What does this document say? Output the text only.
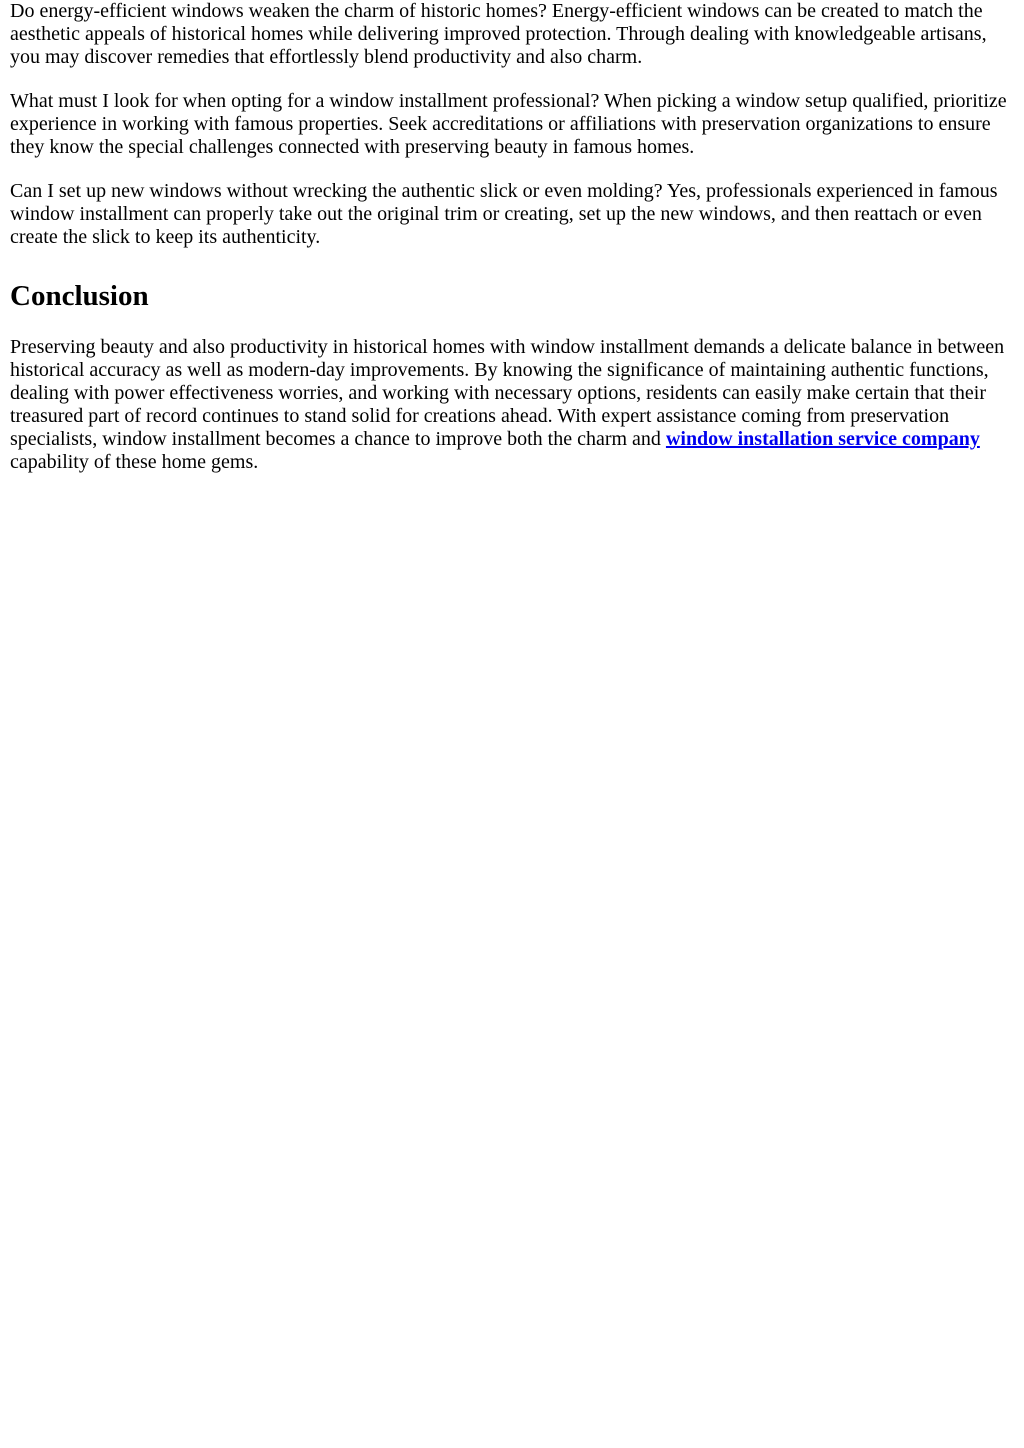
Do energy-efficient windows weaken the charm of historic homes? Energy-efficient windows can be created to match the aesthetic appeals of historical homes while delivering improved protection. Through dealing with knowledgeable artisans, you may discover remedies that effortlessly blend productivity and also charm.

What must I look for when opting for a window installment professional? When picking a window setup qualified, prioritize experience in working with famous properties. Seek accreditations or affiliations with preservation organizations to ensure they know the special challenges connected with preserving beauty in famous homes.

Can I set up new windows without wrecking the authentic slick or even molding? Yes, professionals experienced in famous window installment can properly take out the original trim or creating, set up the new windows, and then reattach or even create the slick to keep its authenticity.

Conclusion

Preserving beauty and also productivity in historical homes with window installment demands a delicate balance in between historical accuracy as well as modern-day improvements. By knowing the significance of maintaining authentic functions, dealing with power effectiveness worries, and working with necessary options, residents can easily make certain that their treasured part of record continues to stand solid for creations ahead. With expert assistance coming from preservation specialists, window installment becomes a chance to improve both the charm and window installation service company capability of these home gems.
